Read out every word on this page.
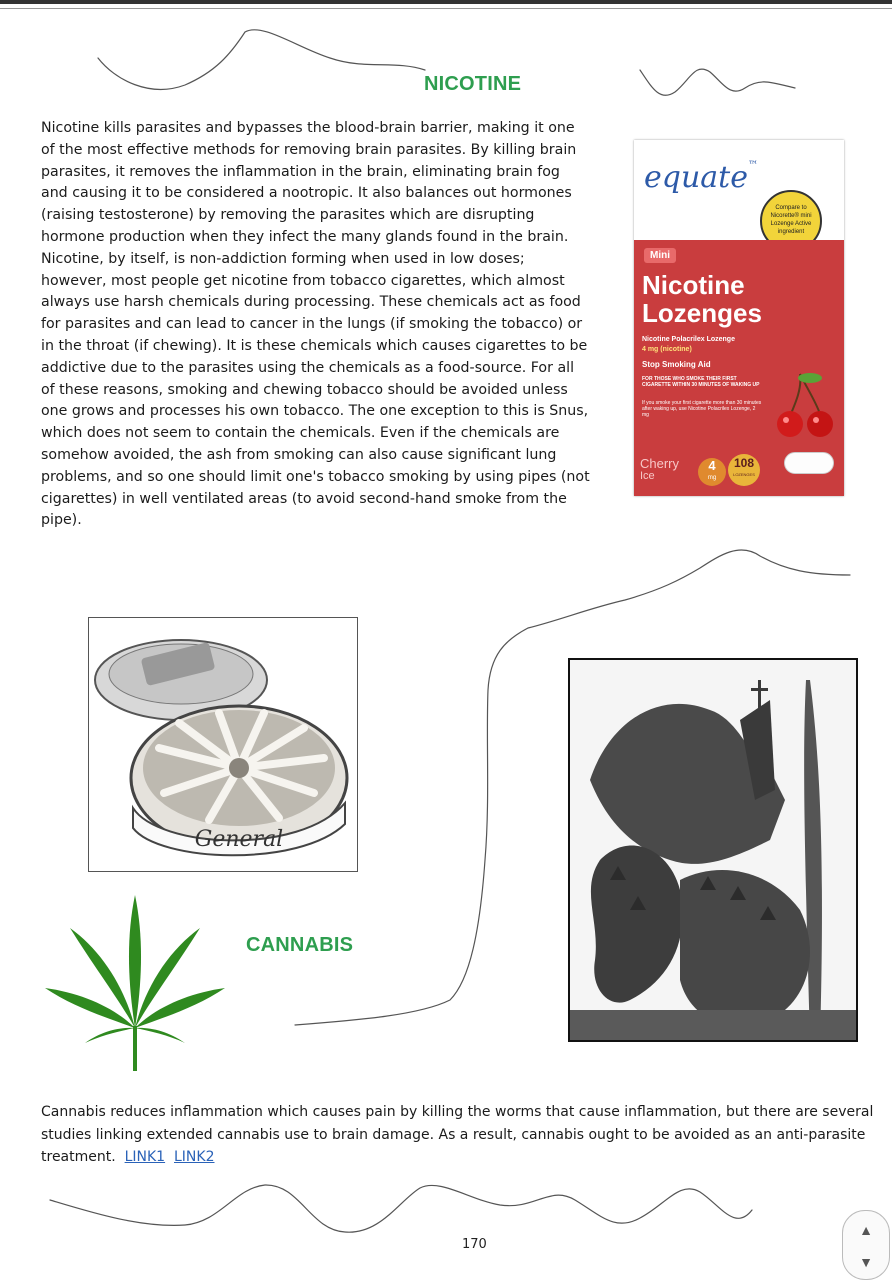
NICOTINE

Nicotine kills parasites and bypasses the blood-brain barrier, making it one of the most effective methods for removing brain parasites. By killing brain parasites, it removes the inflammation in the brain, eliminating brain fog and causing it to be considered a nootropic. It also balances out hormones (raising testosterone) by removing the parasites which are disrupting hormone production when they infect the many glands found in the brain. Nicotine, by itself, is non-addiction forming when used in low doses; however, most people get nicotine from tobacco cigarettes, which almost always use harsh chemicals during processing. These chemicals act as food for parasites and can lead to cancer in the lungs (if smoking the tobacco) or in the throat (if chewing). It is these chemicals which causes cigarettes to be addictive due to the parasites using the chemicals as a food-source. For all of these reasons, smoking and chewing tobacco should be avoided unless one grows and processes his own tobacco. The one exception to this is Snus, which does not seem to contain the chemicals. Even if the chemicals are somehow avoided, the ash from smoking can also cause significant lung problems, and so one should limit one's tobacco smoking by using pipes (not cigarettes) in well ventilated areas (to avoid second-hand smoke from the pipe).

equate™
Compare to Nicorette® mini Lozenge Active ingredient
Mini
Nicotine
Lozenges
Nicotine Polacrilex Lozenge
4 mg (nicotine)
Stop Smoking Aid
FOR THOSE WHO SMOKE THEIR FIRST CIGARETTE WITHIN 30 MINUTES OF WAKING UP
If you smoke your first cigarette more than 30 minutes after waking up, use Nicotine Polacrilex Lozenge, 2 mg
Cherry
Ice
4
mg
108
LOZENGES
General
CANNABIS

Cannabis reduces inflammation which causes pain by killing the worms that cause inflammation, but there are several studies linking extended cannabis use to brain damage. As a result, cannabis ought to be avoided as an anti-parasite treatment. LINK1 LINK2

170
▲
▼
